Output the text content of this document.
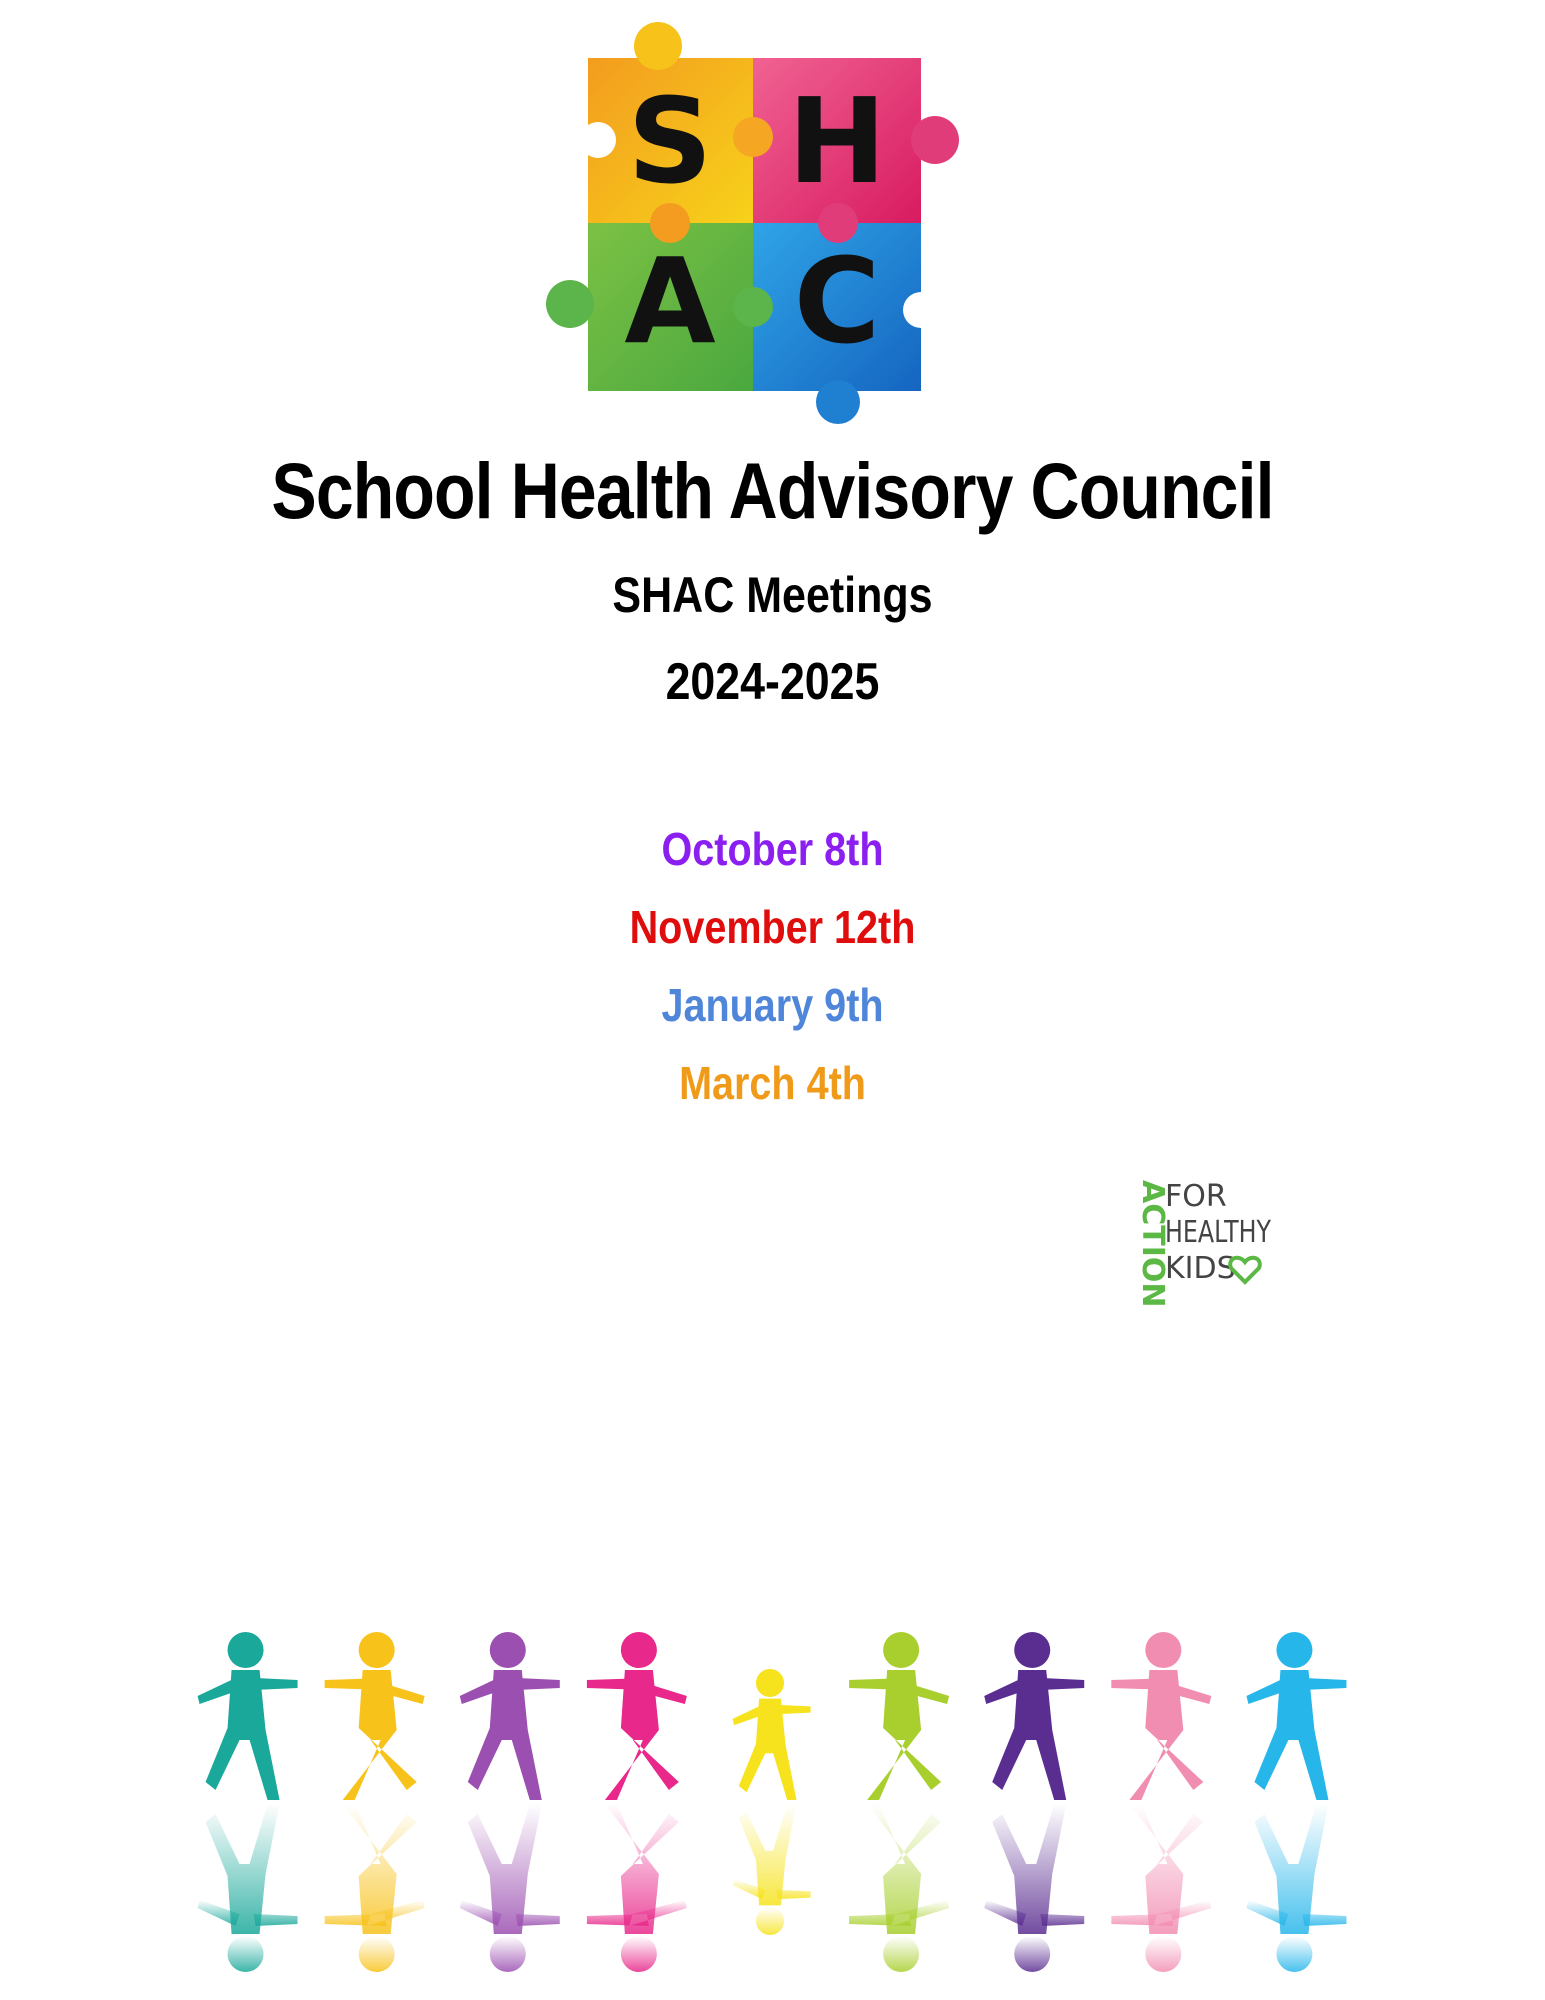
S H
A C
School Health Advisory Council
SHAC Meetings
2024-2025
October 8th
November 12th
January 9th
March 4th
ACTION
FOR
HEALTHY
KIDS
